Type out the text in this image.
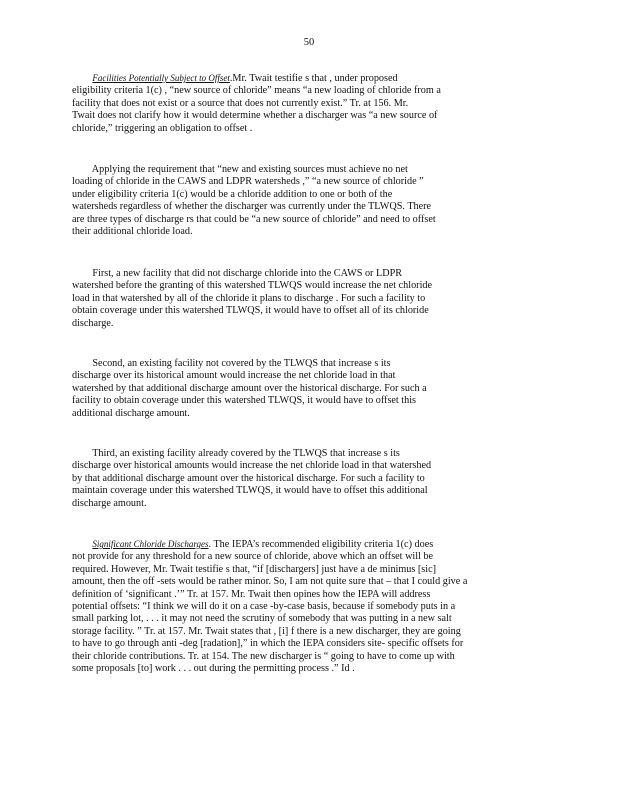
50
Facilities Potentially Subject to Offset.Mr. Twait testifie s that , under proposed
eligibility criteria 1(c) , “new source of chloride” means “a new loading of chloride from a
facility that does not exist or a source that does not currently exist.” Tr. at 156. Mr.
Twait does not clarify how it would determine whether a discharger was “a new source of
chloride,” triggering an obligation to offset .
Applying the requirement that “new and existing sources must achieve no net
loading of chloride in the CAWS and LDPR watersheds ,” “a new source of chloride ”
under eligibility criteria 1(c) would be a chloride addition to one or both of the
watersheds regardless of whether the discharger was currently under the TLWQS. There
are three types of discharge rs that could be “a new source of chloride” and need to offset
their additional chloride load.
First, a new facility that did not discharge chloride into the CAWS or LDPR
watershed before the granting of this watershed TLWQS would increase the net chloride
load in that watershed by all of the chloride it plans to discharge . For such a facility to
obtain coverage under this watershed TLWQS, it would have to offset all of its chloride
discharge.
Second, an existing facility not covered by the TLWQS that increase s its
discharge over its historical amount would increase the net chloride load in that
watershed by that additional discharge amount over the historical discharge. For such a
facility to obtain coverage under this watershed TLWQS, it would have to offset this
additional discharge amount.
Third, an existing facility already covered by the TLWQS that increase s its
discharge over historical amounts would increase the net chloride load in that watershed
by that additional discharge amount over the historical discharge. For such a facility to
maintain coverage under this watershed TLWQS, it would have to offset this additional
discharge amount.
Significant Chloride Discharges. The IEPA’s recommended eligibility criteria 1(c) does
not provide for any threshold for a new source of chloride, above which an offset will be
required. However, Mr. Twait testifie s that, “if [dischargers] just have a de minimus [sic]
amount, then the off -sets would be rather minor. So, I am not quite sure that – that I could give a
definition of ‘significant .’” Tr. at 157. Mr. Twait then opines how the IEPA will address
potential offsets: “I think we will do it on a case -by-case basis, because if somebody puts in a
small parking lot, . . . it may not need the scrutiny of somebody that was putting in a new salt
storage facility. ” Tr. at 157. Mr. Twait states that , [i] f there is a new discharger, they are going
to have to go through anti -deg [radation],” in which the IEPA considers site- specific offsets for
their chloride contributions. Tr. at 154. The new discharger is “ going to have to come up with
some proposals [to] work . . . out during the permitting process .” Id .
